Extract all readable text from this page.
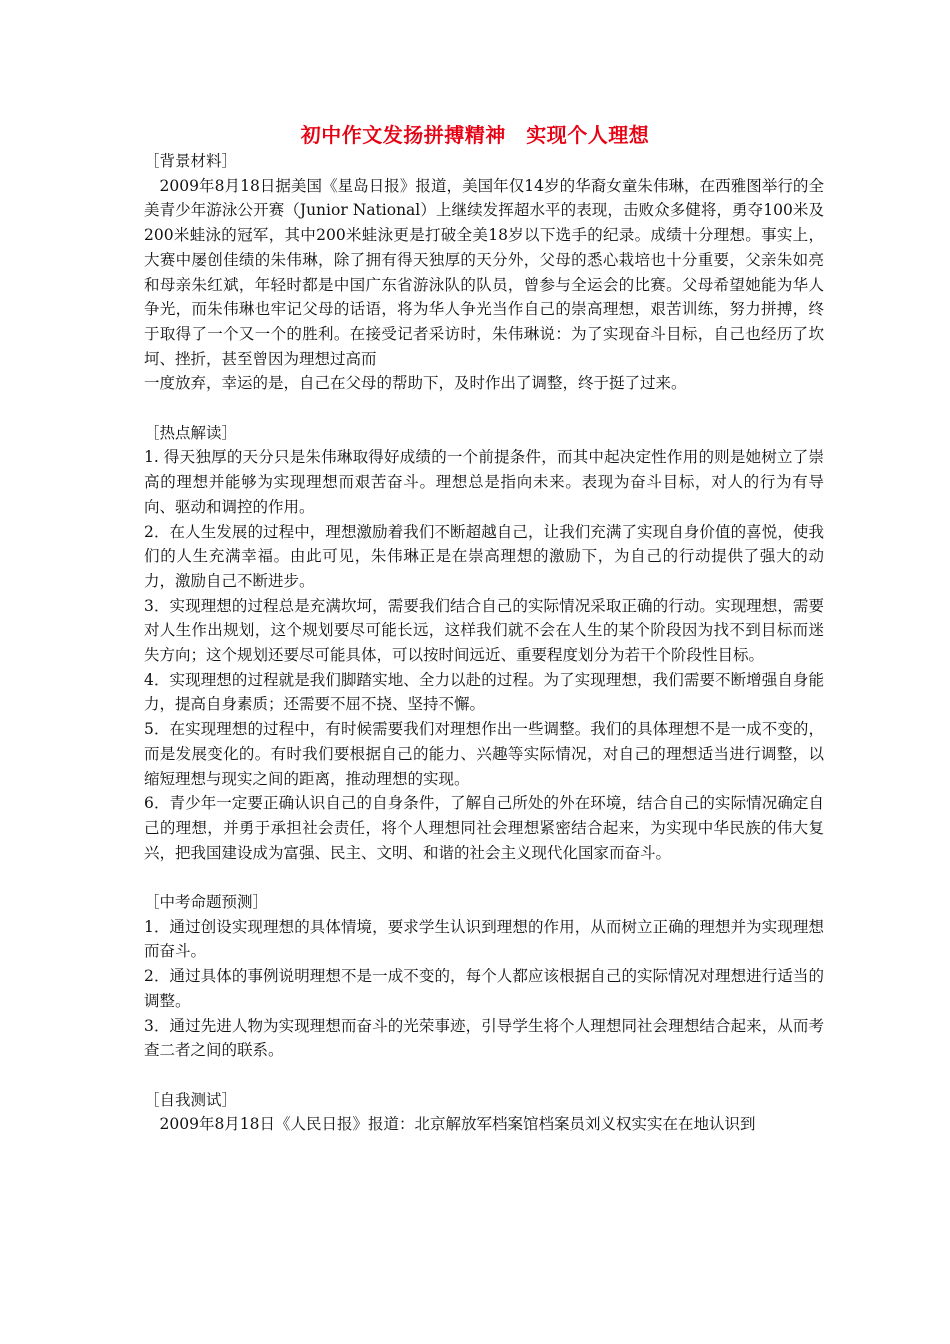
初中作文发扬拼搏精神　实现个人理想

［背景材料］

　2009年8月18日据美国《星岛日报》报道，美国年仅14岁的华裔女童朱伟琳，在西雅图举行的全美青少年游泳公开赛（Junior National）上继续发挥超水平的表现，击败众多健将，勇夺100米及200米蛙泳的冠军，其中200米蛙泳更是打破全美18岁以下选手的纪录。成绩十分理想。事实上，大赛中屡创佳绩的朱伟琳，除了拥有得天独厚的天分外，父母的悉心栽培也十分重要，父亲朱如亮和母亲朱红斌，年轻时都是中国广东省游泳队的队员，曾参与全运会的比赛。父母希望她能为华人争光，而朱伟琳也牢记父母的话语，将为华人争光当作自己的崇高理想，艰苦训练，努力拼搏，终于取得了一个又一个的胜利。在接受记者采访时，朱伟琳说：为了实现奋斗目标，自己也经历了坎坷、挫折，甚至曾因为理想过高而

一度放弃，幸运的是，自己在父母的帮助下，及时作出了调整，终于挺了过来。

［热点解读］

1. 得天独厚的天分只是朱伟琳取得好成绩的一个前提条件，而其中起决定性作用的则是她树立了崇高的理想并能够为实现理想而艰苦奋斗。理想总是指向未来。表现为奋斗目标，对人的行为有导向、驱动和调控的作用。

2．在人生发展的过程中，理想激励着我们不断超越自己，让我们充满了实现自身价值的喜悦，使我们的人生充满幸福。由此可见，朱伟琳正是在崇高理想的激励下，为自己的行动提供了强大的动力，激励自己不断进步。

3．实现理想的过程总是充满坎坷，需要我们结合自己的实际情况采取正确的行动。实现理想，需要对人生作出规划，这个规划要尽可能长远，这样我们就不会在人生的某个阶段因为找不到目标而迷失方向；这个规划还要尽可能具体，可以按时间远近、重要程度划分为若干个阶段性目标。

4．实现理想的过程就是我们脚踏实地、全力以赴的过程。为了实现理想，我们需要不断增强自身能力，提高自身素质；还需要不屈不挠、坚持不懈。

5．在实现理想的过程中，有时候需要我们对理想作出一些调整。我们的具体理想不是一成不变的，而是发展变化的。有时我们要根据自己的能力、兴趣等实际情况，对自己的理想适当进行调整，以缩短理想与现实之间的距离，推动理想的实现。

6．青少年一定要正确认识自己的自身条件，了解自己所处的外在环境，结合自己的实际情况确定自己的理想，并勇于承担社会责任，将个人理想同社会理想紧密结合起来，为实现中华民族的伟大复兴，把我国建设成为富强、民主、文明、和谐的社会主义现代化国家而奋斗。

［中考命题预测］

1．通过创设实现理想的具体情境，要求学生认识到理想的作用，从而树立正确的理想并为实现理想而奋斗。

2．通过具体的事例说明理想不是一成不变的，每个人都应该根据自己的实际情况对理想进行适当的调整。

3．通过先进人物为实现理想而奋斗的光荣事迹，引导学生将个人理想同社会理想结合起来，从而考查二者之间的联系。

［自我测试］

　2009年8月18日《人民日报》报道：北京解放军档案馆档案员刘义权实实在在地认识到
